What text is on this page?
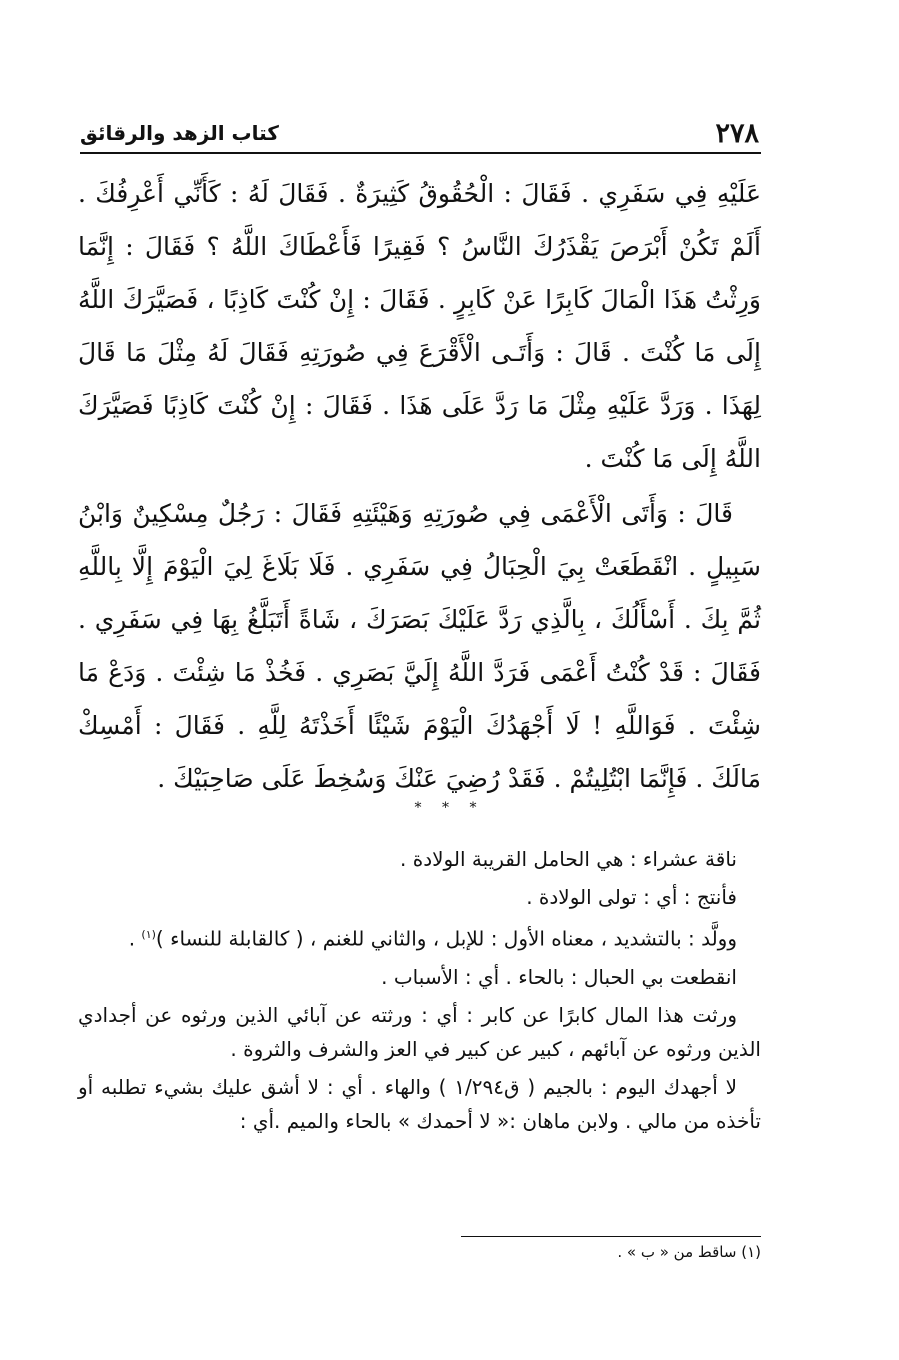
٢٧٨
كتاب الزهد والرقائق
عَلَيْهِ فِي سَفَرِي . فَقَالَ : الْحُقُوقُ كَثِيرَةٌ . فَقَالَ لَهُ : كَأَنِّي أَعْرِفُكَ . أَلَمْ تَكُنْ أَبْرَصَ يَقْذَرُكَ النَّاسُ ؟ فَقِيرًا فَأَعْطَاكَ اللَّهُ ؟ فَقَالَ : إِنَّمَا وَرِثْتُ هَذَا الْمَالَ كَابِرًا عَنْ كَابِرٍ . فَقَالَ : إِنْ كُنْتَ كَاذِبًا ، فَصَيَّرَكَ اللَّهُ إِلَى مَا كُنْتَ . قَالَ : وَأَتَـى الْأَقْرَعَ فِي صُورَتِهِ فَقَالَ لَهُ مِثْلَ مَا قَالَ لِهَذَا . وَرَدَّ عَلَيْهِ مِثْلَ مَا رَدَّ عَلَى هَذَا . فَقَالَ : إِنْ كُنْتَ كَاذِبًا فَصَيَّرَكَ اللَّهُ إِلَى مَا كُنْتَ .
قَالَ : وَأَتَى الْأَعْمَى فِي صُورَتِهِ وَهَيْئَتِهِ فَقَالَ : رَجُلٌ مِسْكِينٌ وَابْنُ سَبِيلٍ . انْقَطَعَتْ بِيَ الْحِبَالُ فِي سَفَرِي . فَلَا بَلَاغَ لِيَ الْيَوْمَ إِلَّا بِاللَّهِ ثُمَّ بِكَ . أَسْأَلُكَ ، بِالَّذِي رَدَّ عَلَيْكَ بَصَرَكَ ، شَاةً أَتَبَلَّغُ بِهَا فِي سَفَرِي . فَقَالَ : قَدْ كُنْتُ أَعْمَى فَرَدَّ اللَّهُ إِلَيَّ بَصَرِي . فَخُذْ مَا شِئْتَ . وَدَعْ مَا شِئْتَ . فَوَاللَّهِ ! لَا أَجْهَدُكَ الْيَوْمَ شَيْئًا أَخَذْتَهُ لِلَّهِ . فَقَالَ : أَمْسِكْ مَالَكَ . فَإِنَّمَا ابْتُلِيتُمْ . فَقَدْ رُضِيَ عَنْكَ وَسُخِطَ عَلَى صَاحِبَيْكَ .
* * *

ناقة عشراء : هي الحامل القريبة الولادة .

فأنتج : أي : تولى الولادة .

وولَّد : بالتشديد ، معناه الأول : للإبل ، والثاني للغنم ، ( كالقابلة للنساء )$^{(١)}$ .

انقطعت بي الحبال : بالحاء . أي : الأسباب .

ورثت هذا المال كابرًا عن كابر : أي : ورثته عن آبائي الذين ورثوه عن أجدادي الذين ورثوه عن آبائهم ، كبير عن كبير في العز والشرف والثروة .

لا أجهدك اليوم : بالجيم ( ق١/٢٩٤ ) والهاء . أي : لا أشق عليك بشيء تطلبه أو تأخذه من مالي . ولابن ماهان :« لا أحمدك » بالحاء والميم .أي :

(١) ساقط من « ب » .
